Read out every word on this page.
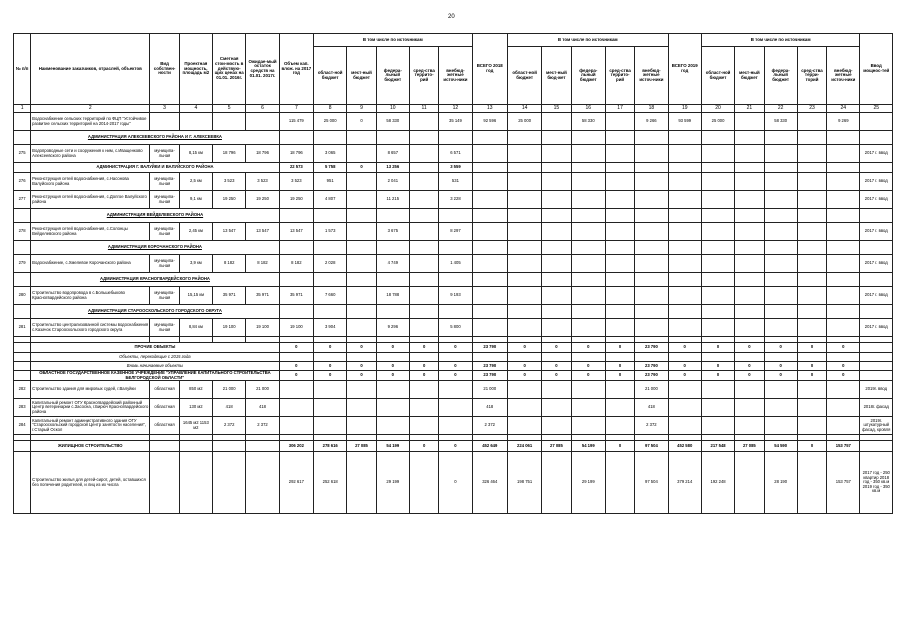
20
№ п/п	Наименование заказчиков, отраслей, объектов	Вид собствен-ности	Проектная мощность, площадь м2	Сметная стои-мость в действую-щих ценах на 01.01. 2016г.	Ожидае-мый остаток средств на 01.01. 2017г.	Объем кап. влож. на 2017 год	В том числе по источникам					ВСЕГО 2018 год	В том числе по источникам					ВСЕГО 2019 год	В том числе по источникам					Ввод мощнос-тей
							област-ной бюджет	мест-ный бюджет	федера-льный бюджет	сред-ства террито-рий	внебюд-жетные источ-ники		област-ной бюджет	мест-ный бюд-жет	федера-льный бюджет	сред-ства террито-рий	внебюд-жетные источ-ники		област-ной бюджет	мест-ный бюджет	федера-льный бюджет	сред-ства терри-торий	внебюд-жетные источ-ники	
1	2	3	4	5	6	7	8	9	10	11	12	13	14	15	16	17	18	19	20	21	22	23	24	25
	Водоснабжение сельских территорий по ФЦП "Устойчивое развитие сельских территорий на 2014-2017 годы"					115 479	25 000	0	58 330		35 149	92 596	25 000		58 330		9 266	93 599	25 000		58 330		9 269	
	АДМИНИСТРАЦИЯ АЛЕКСЕЕВСКОГО РАЙОНА И Г. АЛЕКСЕЕВКА																							
275	Водопроводные сети и сооружения к ним, с.Иващенково Алексеевского района	муниципа-льная	8,15 км	18 796	18 796	18 796	3 065		8 657		6 571													2017 г. ввод
	АДМИНИСТРАЦИЯ Г. ВАЛУЙКИ И ВАЛУЙСКОГО РАЙОНА					22 573	5 758	0	13 256		3 559													
276	Реконструкция сетей водоснабжения, с.Насонова Валуйского района	муниципа-льная	2,5 км	3 523	3 523	3 523	951		2 041		531													2017 г. ввод
277	Реконструкция сетей водоснабжения, с.Долгое Валуйского района	муниципа-льная	9,1 км	19 250	19 250	19 250	4 807		11 215		3 228													2017 г. ввод
	АДМИНИСТРАЦИЯ ВЕЙДЕЛЕВСКОГО РАЙОНА																							
278	Реконструкция сетей водоснабжения, с.Солонцы Вейделевского района	муниципа-льная	2,45 км	13 547	13 547	13 547	1 573		3 675		8 297													2017 г. ввод
	АДМИНИСТРАЦИЯ КОРОЧАНСКОГО РАЙОНА																							
279	Водоснабжение, с.Хмелевое Корочанского района	муниципа-льная	3,9 км	8 182	8 182	8 182	2 028		4 749		1 405													2017 г. ввод
	АДМИНИСТРАЦИЯ КРАСНОГВАРДЕЙСКОГО РАЙОНА																							
280	Строительство водопровода в с.Большебыково Красногвардейского района	муниципа-льная	15,15 км	35 971	35 971	35 971	7 660		18 788		9 193													2017 г. ввод
	АДМИНИСТРАЦИЯ СТАРООСКОЛЬСКОГО ГОРОДСКОГО ОКРУГА																							
281	Строительство централизованной системы водоснабжения с.Казачок Старооскольского городского округа	муниципа-льная	8,84 км	19 100	19 100	19 100	3 904		9 296		5 800													2017 г. ввод

	ПРОЧИЕ ОБЪЕКТЫ					0	0	0	0	0	0	23 790	0	0	0	0	23 790	0	0	0	0	0	0	
	Объекты, переходящие с 2015 года																							
	Вновь начинаемые объекты					0	0	0	0	0	0	23 790	0	0	0	0	23 790	0	0	0	0	0	0	
	ОБЛАСТНОЕ ГОСУДАРСТВЕННОЕ КАЗЕННОЕ УЧРЕЖДЕНИЕ "УПРАВЛЕНИЕ КАПИТАЛЬНОГО СТРОИТЕЛЬСТВА БЕЛГОРОДСКОЙ ОБЛАСТИ"					0	0	0	0	0	0	23 790	0	0	0	0	23 790	0	0	0	0	0	0	
282	Строительство здания для мировых судей, г.Валуйки	областная	850 м2	21 000	21 000							21 000					21 000							2019г. ввод
283	Капитальный ремонт ОГУ Красногвардейский районный Центр ветеринарии с.Засосна, г.Бирюч Красногвардейского района	областная	130 м2	418	418							418					418							2018г. фасад
284	Капитальный ремонт административного здания ОГУ "Старооскольский городской Центр занятости населения", г.Старый Оскол	областная	1645 м2 1153 м2	2 372	2 372							2 372					2 372							2019г. штукатурный фасад, кровля

	ЖИЛИЩНОЕ СТРОИТЕЛЬСТВО					306 202	278 616	27 085	54 199	0	0	452 649	224 061	27 085	54 199	0	97 504	452 580	217 548	27 085	54 590	0	153 757	
	Строительство жилья для детей-сирот, детей, оставшихся без попечения родителей, и лиц из их числа					292 617	252 618		29 199		0	326 464	198 751		29 199		97 504	379 214	192 248		28 190		153 757	2017 год - 250 квартир 2018 год - 350 кв.м 2019 год - 350 кв.м
